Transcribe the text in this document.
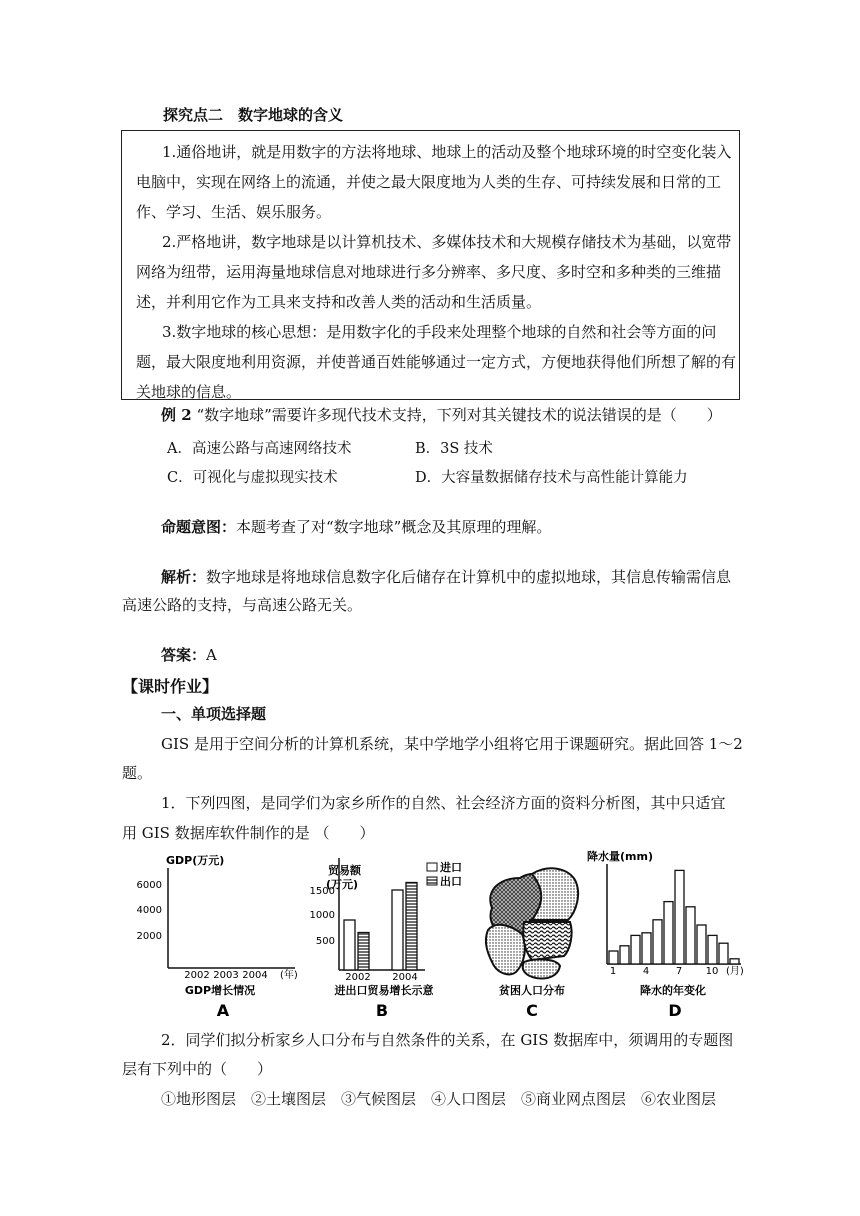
探究点二　数字地球的含义
1.通俗地讲，就是用数字的方法将地球、地球上的活动及整个地球环境的时空变化装入电脑中，实现在网络上的流通，并使之最大限度地为人类的生存、可持续发展和日常的工作、学习、生活、娱乐服务。
2.严格地讲，数字地球是以计算机技术、多媒体技术和大规模存储技术为基础，以宽带网络为纽带，运用海量地球信息对地球进行多分辨率、多尺度、多时空和多种类的三维描述，并利用它作为工具来支持和改善人类的活动和生活质量。
3.数字地球的核心思想：是用数字化的手段来处理整个地球的自然和社会等方面的问题，最大限度地利用资源，并使普通百姓能够通过一定方式，方便地获得他们所想了解的有关地球的信息。
例 2 “数字地球”需要许多现代技术支持，下列对其关键技术的说法错误的是（　　）
A．高速公路与高速网络技术	B．3S 技术
C．可视化与虚拟现实技术	D．大容量数据储存技术与高性能计算能力
命题意图：本题考查了对“数字地球”概念及其原理的理解。
解析：数字地球是将地球信息数字化后储存在计算机中的虚拟地球，其信息传输需信息
高速公路的支持，与高速公路无关。
答案：A
【课时作业】
一、单项选择题
GIS 是用于空间分析的计算机系统，某中学地学小组将它用于课题研究。据此回答 1～2
题。
1．下列四图，是同学们为家乡所作的自然、社会经济方面的资料分析图，其中只适宜
用 GIS 数据库软件制作的是 （　　）
GDP(万元)
6000
4000
2000
2002 2003 2004 (年)
GDP增长情况
A
贸易额
(万元)
1500
1000
500
进口
出口
2002 2004
进出口贸易增长示意
B
贫困人口分布
C
降水量(mm)
1	4	7 10 (月)
降水的年变化
D
2．同学们拟分析家乡人口分布与自然条件的关系，在 GIS 数据库中，须调用的专题图
层有下列中的（　　）
①地形图层　②土壤图层　③气候图层　④人口图层　⑤商业网点图层　⑥农业图层
